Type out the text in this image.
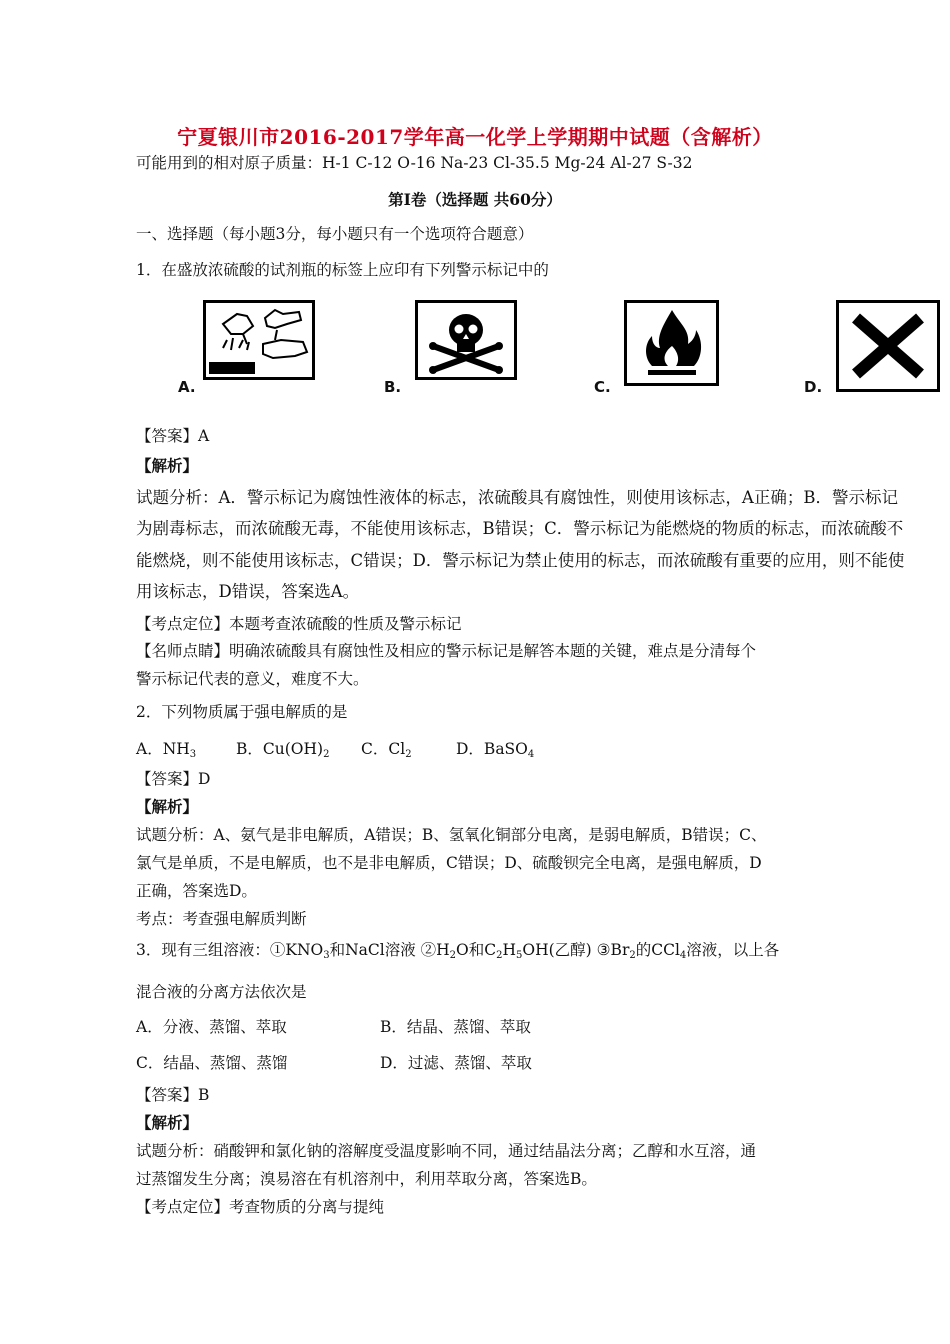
宁夏银川市2016-2017学年高一化学上学期期中试题（含解析）
可能用到的相对原子质量：H-1 C-12 O-16 Na-23 Cl-35.5 Mg-24 Al-27 S-32
第Ⅰ卷（选择题 共60分）
一、选择题（每小题3分，每小题只有一个选项符合题意）
1．在盛放浓硫酸的试剂瓶的标签上应印有下列警示标记中的
A.	B.	C.	D.
【答案】A
【解析】
试题分析：A．警示标记为腐蚀性液体的标志，浓硫酸具有腐蚀性，则使用该标志，A正确；B．警示标记
为剧毒标志，而浓硫酸无毒，不能使用该标志，B错误；C．警示标记为能燃烧的物质的标志，而浓硫酸不
能燃烧，则不能使用该标志，C错误；D．警示标记为禁止使用的标志，而浓硫酸有重要的应用，则不能使
用该标志，D错误，答案选A。
【考点定位】本题考查浓硫酸的性质及警示标记
【名师点睛】明确浓硫酸具有腐蚀性及相应的警示标记是解答本题的关键，难点是分清每个
警示标记代表的意义，难度不大。
2．下列物质属于强电解质的是
A．$NH_3$	B．$Cu(OH)_2$ C．$Cl_2$	D．BaSO$_4$
【答案】D
【解析】
试题分析：A、氨气是非电解质，A错误；B、氢氧化铜部分电离，是弱电解质，B错误；C、
氯气是单质，不是电解质，也不是非电解质，C错误；D、硫酸钡完全电离，是强电解质，D
正确，答案选D。
考点：考查强电解质判断
3．现有三组溶液：$①KNO_3$和NaCl溶液 $②H_2O$和$C_2H_5OH$(乙醇) $③Br_2$的CCl$_4$溶液，以上各
混合液的分离方法依次是
A．分液、蒸馏、萃取	B．结晶、蒸馏、萃取
C．结晶、蒸馏、蒸馏	D．过滤、蒸馏、萃取
【答案】B
【解析】
试题分析：硝酸钾和氯化钠的溶解度受温度影响不同，通过结晶法分离；乙醇和水互溶，通
过蒸馏发生分离；溴易溶在有机溶剂中，利用萃取分离，答案选B。
【考点定位】考查物质的分离与提纯
